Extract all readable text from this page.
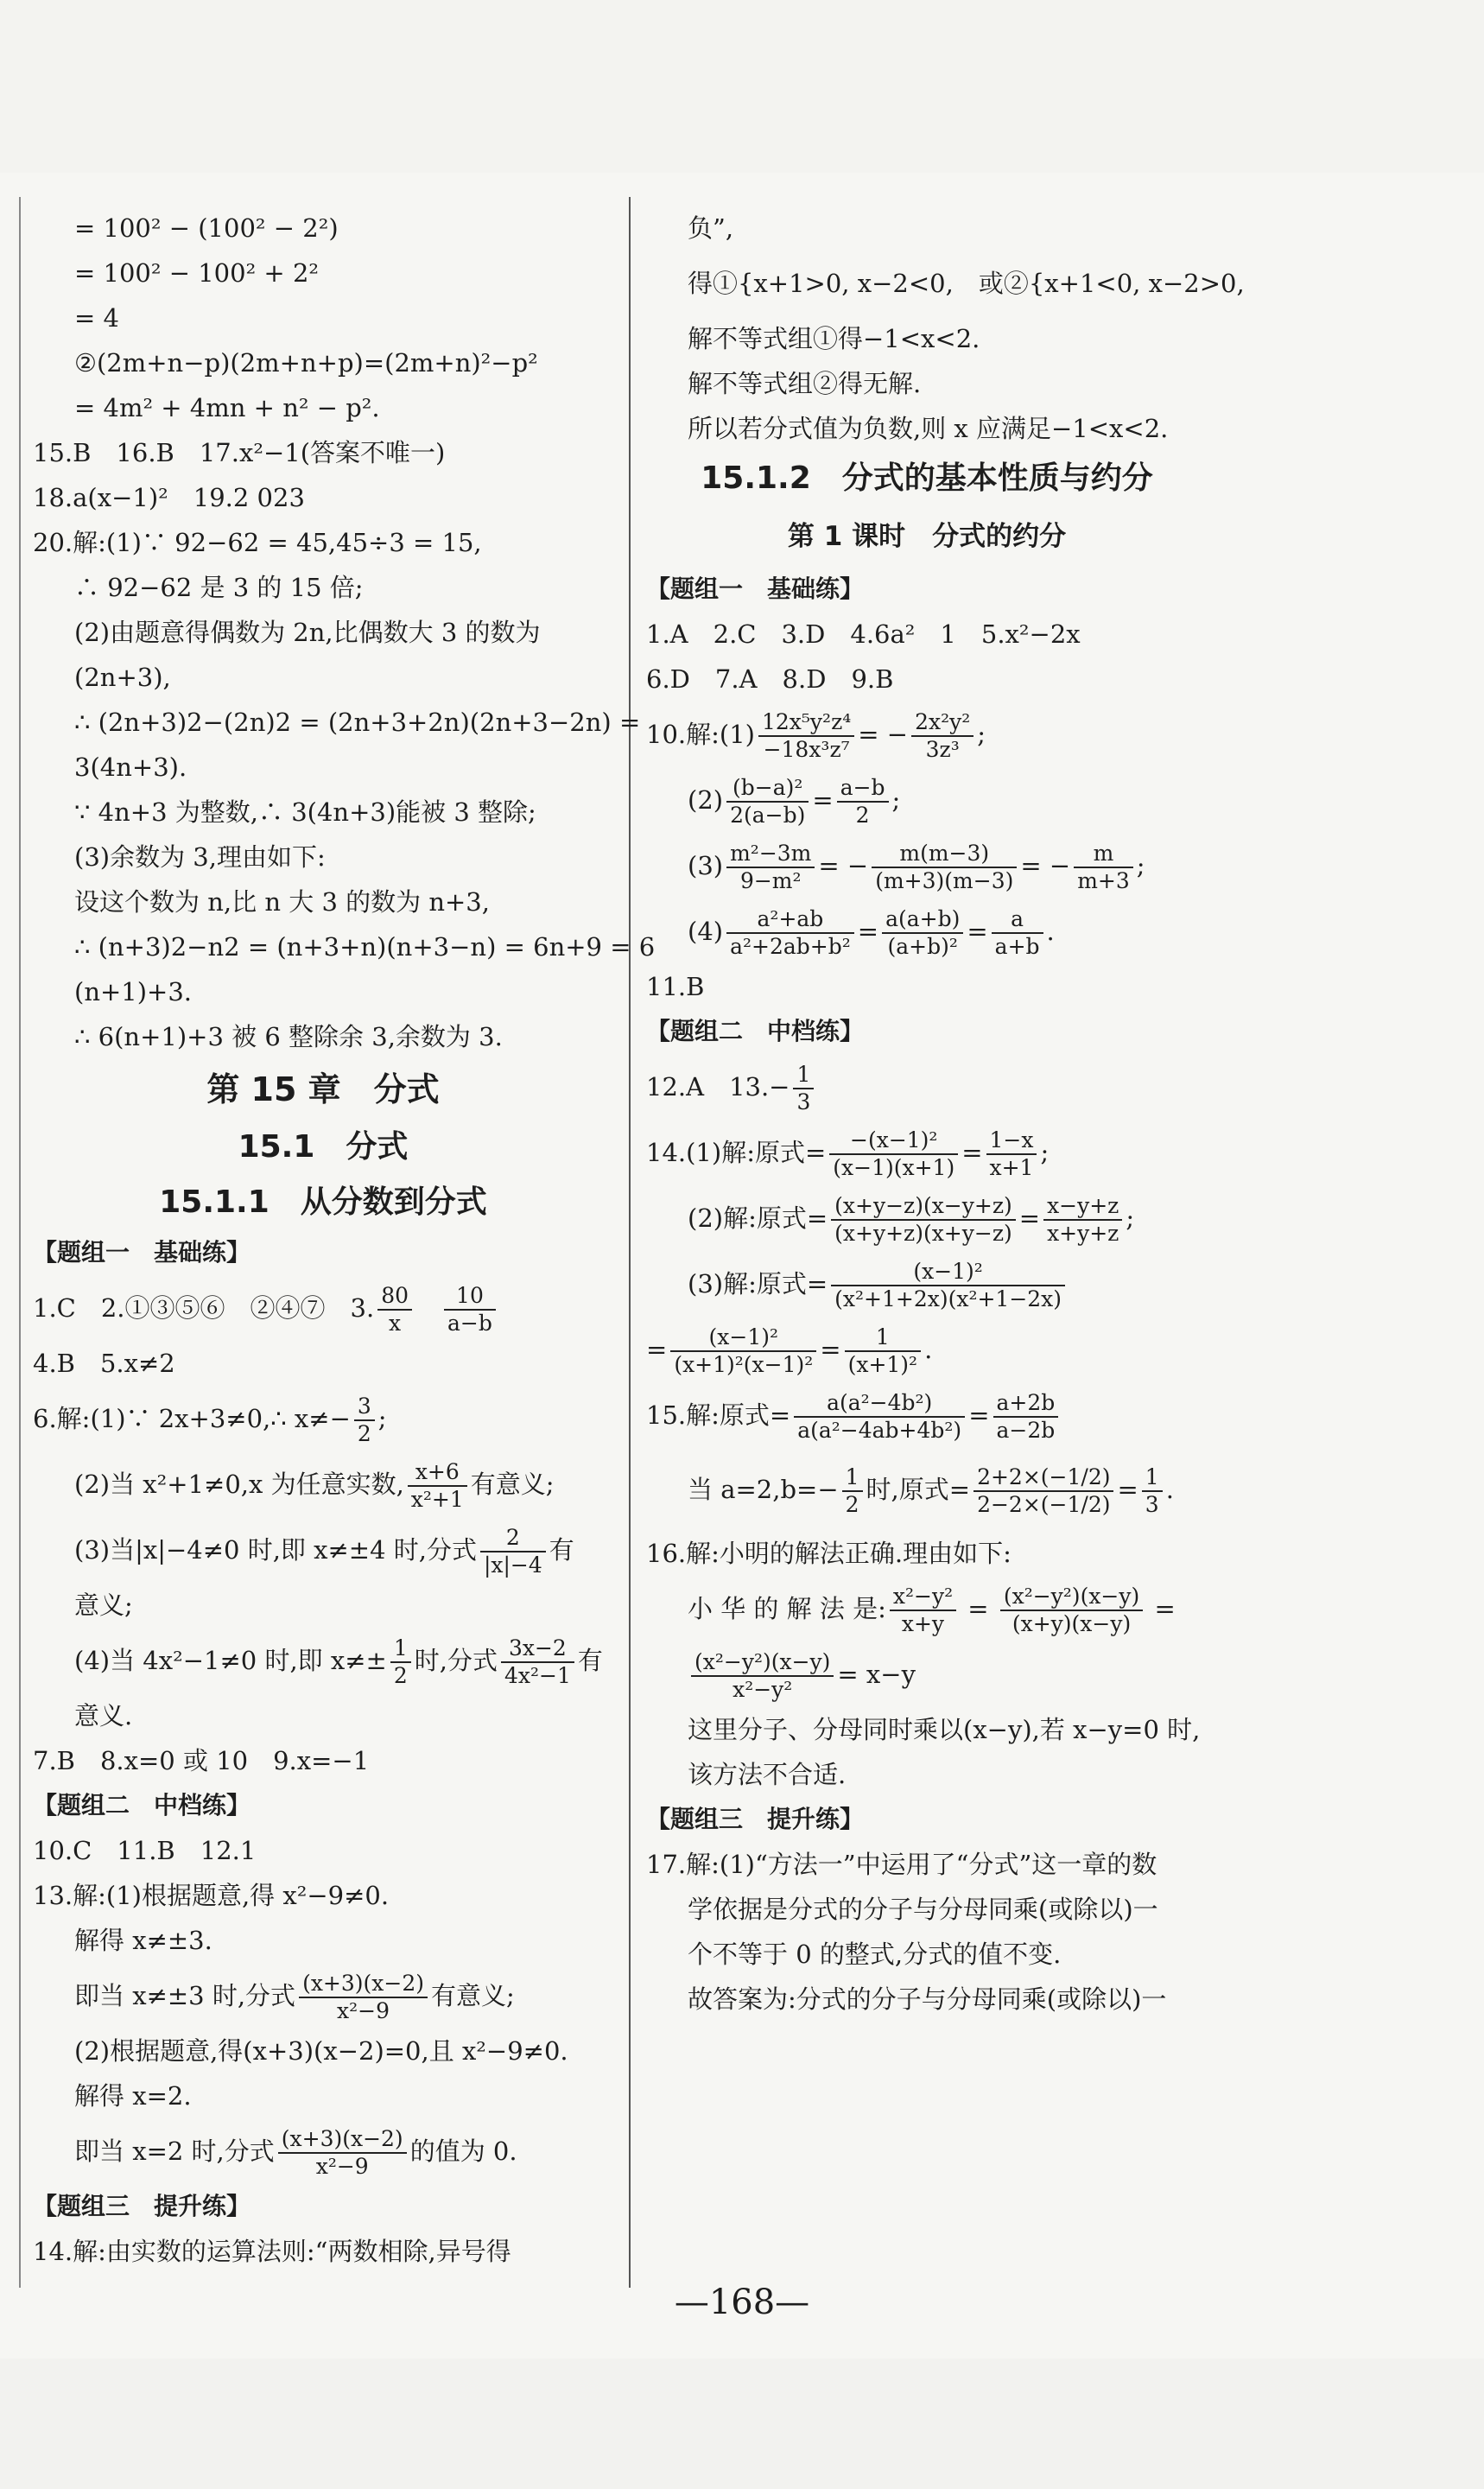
= 100² − (100² − 2²)
= 100² − 100² + 2²
= 4
②(2m+n−p)(2m+n+p)=(2m+n)²−p²
= 4m² + 4mn + n² − p².
15.B　16.B　17.x²−1(答案不唯一)
18.a(x−1)²　19.2 023
20.解:(1)∵ 92−62 = 45,45÷3 = 15,
∴ 92−62 是 3 的 15 倍;
(2)由题意得偶数为 2n,比偶数大 3 的数为
(2n+3),
∴ (2n+3)2−(2n)2 = (2n+3+2n)(2n+3−2n) =
3(4n+3).
∵ 4n+3 为整数,∴ 3(4n+3)能被 3 整除;
(3)余数为 3,理由如下:
设这个数为 n,比 n 大 3 的数为 n+3,
∴ (n+3)2−n2 = (n+3+n)(n+3−n) = 6n+9 = 6
(n+1)+3.
∴ 6(n+1)+3 被 6 整除余 3,余数为 3.
第 15 章　分式
15.1　分式
15.1.1　从分数到分式
【题组一　基础练】
1.C　2.①③⑤⑥　②④⑦　3. $\frac{80}{x}$
　 $\frac{10}{a-b}$
4.B　5.x≠2
6.解:(1)∵ 2x+3≠0,∴ $x\ne- \frac{3}{2}$ ;
(2)当 x²+1≠0,x 为任意实数, $\frac{x+6}{\text{x²+1}}$ 有意义;
(3)当|x|−4≠0 时,即 x≠±4 时,分式 $\frac{2}{|x|-4}$ 有
意义;
(4)当 4x²−1≠0 时,即 $x\ne\pm \frac{1}{2}$ 时,分式 $\frac{3x-2}{\text{4x²−1}}$ 有
意义.
7.B　8.x=0 或 10　9.x=−1
【题组二　中档练】
10.C　11.B　12.1
13.解:(1)根据题意,得 x²−9≠0.
解得 x≠±3.
即当 x≠±3 时,分式 $\frac{(x+3)(x-2)}{\text{x²−9}}$ 有意义;
(2)根据题意,得(x+3)(x−2)=0,且 x²−9≠0.
解得 x=2.
即当 x=2 时,分式 $\frac{(x+3)(x-2)}{\text{x²−9}}$ 的值为 0.
【题组三　提升练】
14.解:由实数的运算法则:“两数相除,异号得
负”,
得①{x+1>0, x−2<0,　 或②{x+1<0, x−2>0,
解不等式组①得−1<x<2.
解不等式组②得无解.
所以若分式值为负数,则 x 应满足−1<x<2.
15.1.2　分式的基本性质与约分
第 1 课时　分式的约分
【题组一　基础练】
1.A　2.C　3.D　4.6a²　1　5.x²−2x
6.D　7.A　8.D　9.B
10.解:(1) $\frac{\text{12x⁵y²z⁴}}{\text{−18x³z⁷}}$ = − $\frac{\text{2x²y²}}{\text{3z³}}$ ;
$(2) \frac{\text{(b−a)²}}{2(a-b)} = \frac{a-b}{2}$ ;
$(3) \frac{\text{m²−3m}}{\text{9−m²}}$ = − $\frac{m(m-3)}{(m+3)(m-3)}$ = − $\frac{m}{m+3}$ ;
$(4) \frac{\text{a²+ab}}{\text{a²+2ab+b²}} = \frac{a(a+b)}{\text{(a+b)²}} = \frac{a}{a+b}$ .
11.B
【题组二　中档练】
12.A　$13.- \frac{1}{3}$
14.(1)解:原式= $\frac{\text{−(x−1)²}}{(x-1)(x+1)} = \frac{1-x}{x+1}$ ;
(2)解:原式= $\frac{(x+y-z)(x-y+z)}{(x+y+z)(x+y-z)} = \frac{x-y+z}{x+y+z}$ ;
(3)解:原式= $\frac{\text{(x−1)²}}{\text{(x²+1+2x)(x²+1−2x)}}$
= $\frac{\text{(x−1)²}}{\text{(x+1)²(x−1)²}} = \frac{1}{\text{(x+1)²}}$ .
15.解:原式= $\frac{\text{a(a²−4b²)}}{\text{a(a²−4ab+4b²)}} = \frac{a+2b}{a-2b}$
当 $a=2,b=- \frac{1}{2}$ 时,原式= $\frac{2+2\times(-1/2)}{2-2\times(-1/2)} = \frac{1}{3}$ .
16.解:小明的解法正确.理由如下:
小 华 的 解 法 是: $\frac{\text{x²−y²}}{x+y} = \frac{\text{(x²−y²)(x−y)}}{(x+y)(x-y)}$ =
$\frac{\text{(x²−y²)(x−y)}}{\text{x²−y²}} = x-y$
这里分子、分母同时乘以(x−y),若 x−y=0 时,
该方法不合适.
【题组三　提升练】
17.解:(1)“方法一”中运用了“分式”这一章的数
学依据是分式的分子与分母同乘(或除以)一
个不等于 0 的整式,分式的值不变.
故答案为:分式的分子与分母同乘(或除以)一
—168—
